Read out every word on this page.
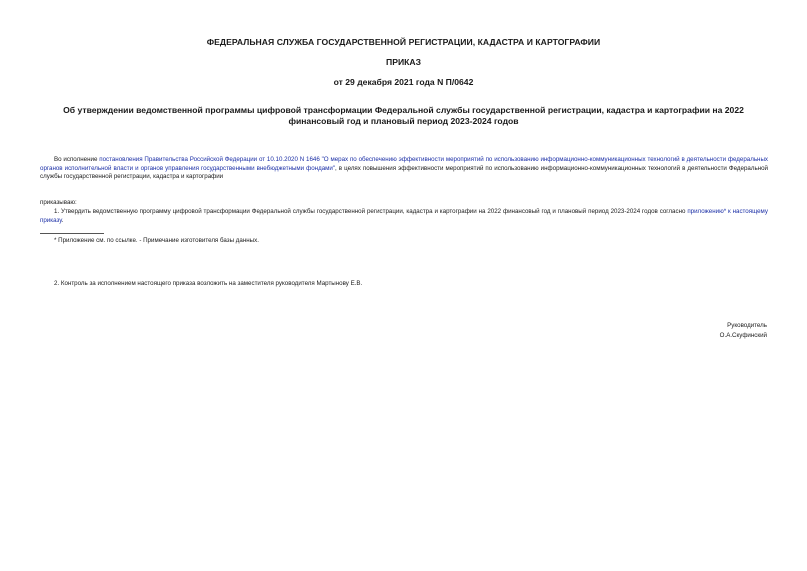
ФЕДЕРАЛЬНАЯ СЛУЖБА ГОСУДАРСТВЕННОЙ РЕГИСТРАЦИИ, КАДАСТРА И КАРТОГРАФИИ
ПРИКАЗ
от 29 декабря 2021 года N П/0642
Об утверждении ведомственной программы цифровой трансформации Федеральной службы государственной регистрации, кадастра и картографии на 2022 финансовый год и плановый период 2023-2024 годов
Во исполнение постановления Правительства Российской Федерации от 10.10.2020 N 1646 "О мерах по обеспечению эффективности мероприятий по использованию информационно-коммуникационных технологий в деятельности федеральных органов исполнительной власти и органов управления государственными внебюджетными фондами", в целях повышения эффективности мероприятий по использованию информационно-коммуникационных технологий в деятельности Федеральной службы государственной регистрации, кадастра и картографии
приказываю:
1. Утвердить ведомственную программу цифровой трансформации Федеральной службы государственной регистрации, кадастра и картографии на 2022 финансовый год и плановый период 2023-2024 годов согласно приложению* к настоящему приказу.
* Приложение см. по ссылке. - Примечание изготовителя базы данных.
2. Контроль за исполнением настоящего приказа возложить на заместителя руководителя Мартынову Е.В.
Руководитель
О.А.Скуфинский
